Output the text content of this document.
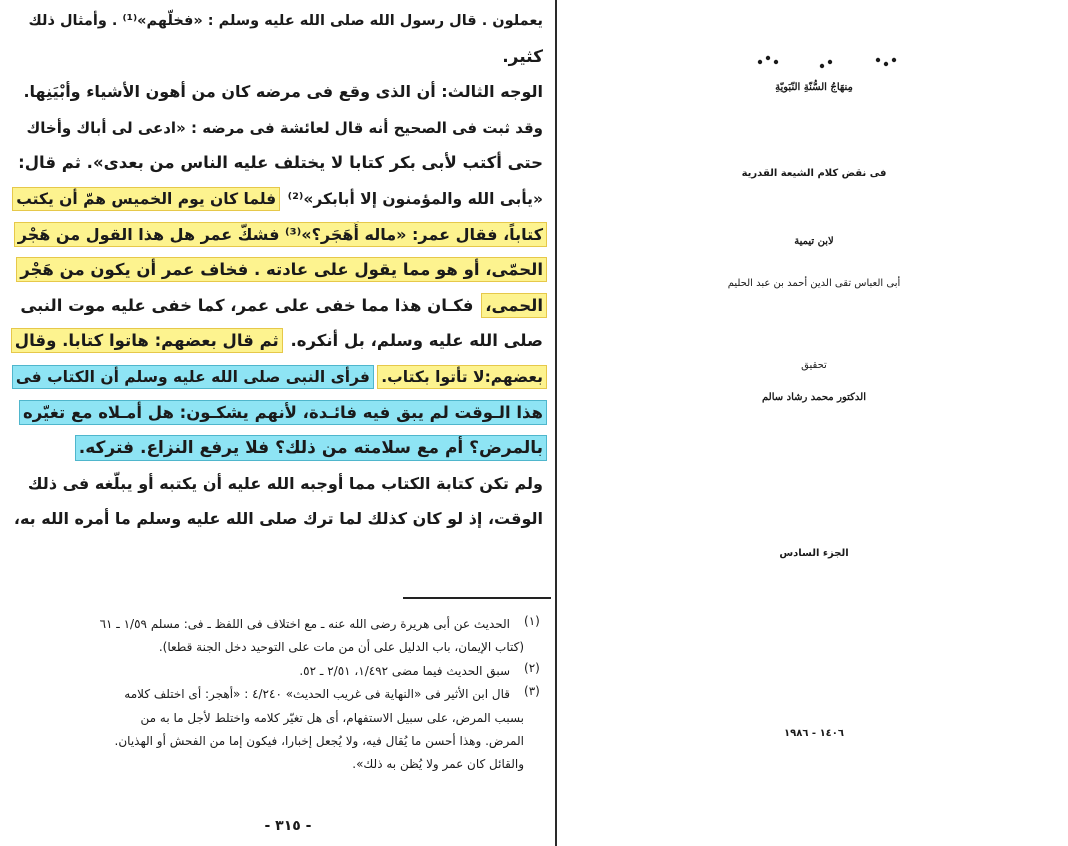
يعملون . قال رسول الله صلى الله عليه وسلم : «فخلّهم»⁽¹⁾ . وأمثال ذلك
كثير.
الوجه الثالث: أن الذى وقع فى مرضه كان من أهون الأشياء وأبْيَنِها.
وقد ثبت فى الصحيح أنه قال لعائشة فى مرضه : «ادعى لى أباك وأخاك
حتى أكتب لأبى بكر كتابا لا يختلف عليه الناس من بعدى». ثم قال:
«يأبى الله والمؤمنون إلا أبابكر»⁽²⁾ فلما كان يوم الخميس همّ أن يكتب
كتاباً، فقال عمر: «ماله أَهَجَر؟»⁽³⁾ فشكّ عمر هل هذا القول من هَجْر
الحمّى، أو هو مما يقول على عادته . فخاف عمر أن يكون من هَجْر
الحمى، فكـان هذا مما خفى على عمر، كما خفى عليه موت النبى
صلى الله عليه وسلم، بل أنكره. ثم قال بعضهم: هاتوا كتابا. وقال
بعضهم:لا تأتوا بكتاب. فرأى النبى صلى الله عليه وسلم أن الكتاب فى
هذا الـوقت لم يبق فيه فائـدة، لأنهم يشكـون: هل أمـلاه مع تغيّره
بالمرض؟ أم مع سلامته من ذلك؟ فلا يرفع النزاع. فتركه.
ولم تكن كتابة الكتاب مما أوجبه الله عليه أن يكتبه أو يبلّغه فى ذلك
الوقت، إذ لو كان كذلك لما ترك صلى الله عليه وسلم ما أمره الله به،
(١)
الحديث عن أبى هريرة رضى الله عنه ـ مع اختلاف فى اللفظ ـ فى: مسلم ١/٥٩ ـ ٦١
(كتاب الإيمان، باب الدليل على أن من مات على التوحيد دخل الجنة قطعا).
(٢)
سبق الحديث فيما مضى ١/٤٩٢، ٢/٥١ ـ ٥٢.
(٣)
قال ابن الأثير فى «النهاية فى غريب الحديث» ٤/٢٤٠ : «أهجر: أى اختلف كلامه
بسبب المرض، على سبيل الاستفهام، أى هل تغيّر كلامه واختلط لأجل ما به من
المرض. وهذا أحسن ما يُقال فيه، ولا يُجعل إخبارا، فيكون إما من الفحش أو الهذيان.
والقائل كان عمر ولا يُظن به ذلك».
- ٣١٥ -
مِنهَاجُ السُّنّةِ النّبَويّةِ
فى نقض كلام الشيعة القدرية
لابن تيمية
أبى العباس تقى الدين أحمد بن عبد الحليم
تحقيق
الدكتور محمد رشاد سالم
الجزء السادس
١٤٠٦ - ١٩٨٦
